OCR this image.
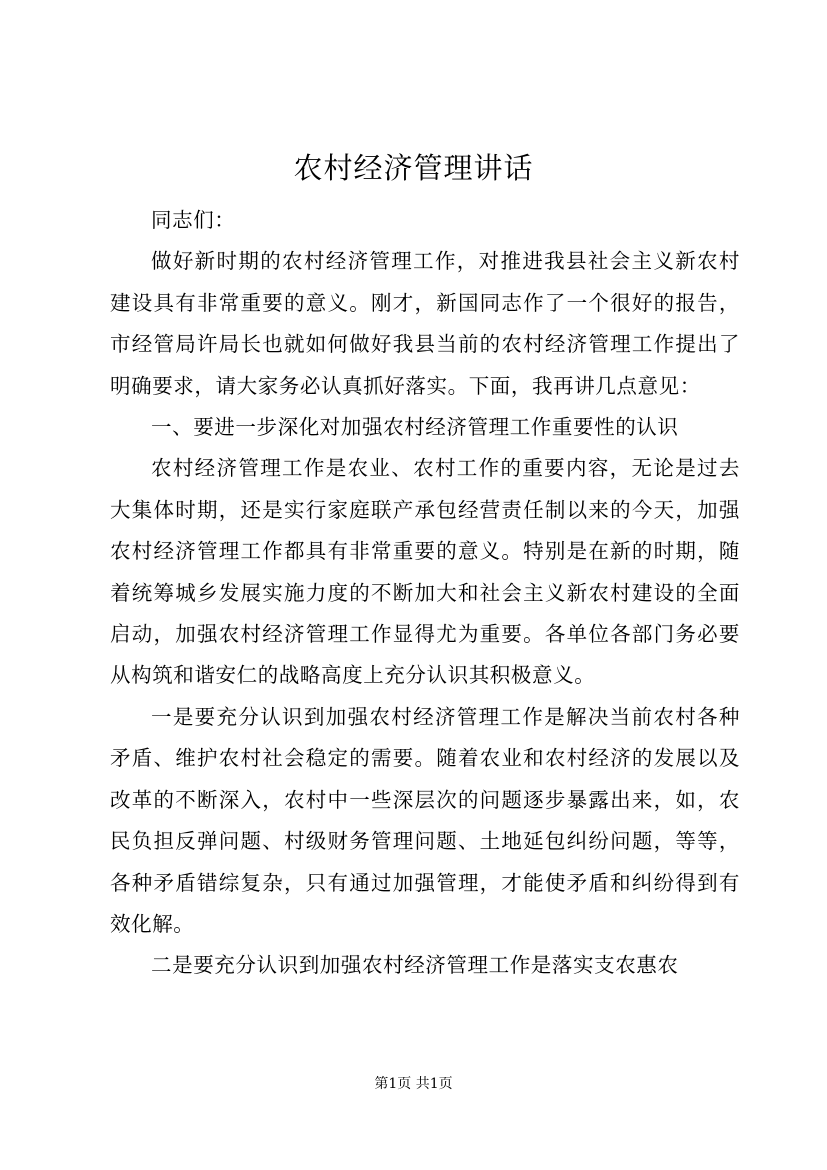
农村经济管理讲话

同志们：

做好新时期的农村经济管理工作，对推进我县社会主义新农村建设具有非常重要的意义。刚才，新国同志作了一个很好的报告，市经管局许局长也就如何做好我县当前的农村经济管理工作提出了明确要求，请大家务必认真抓好落实。下面，我再讲几点意见：

一、要进一步深化对加强农村经济管理工作重要性的认识

农村经济管理工作是农业、农村工作的重要内容，无论是过去大集体时期，还是实行家庭联产承包经营责任制以来的今天，加强农村经济管理工作都具有非常重要的意义。特别是在新的时期，随着统筹城乡发展实施力度的不断加大和社会主义新农村建设的全面启动，加强农村经济管理工作显得尤为重要。各单位各部门务必要从构筑和谐安仁的战略高度上充分认识其积极意义。

一是要充分认识到加强农村经济管理工作是解决当前农村各种矛盾、维护农村社会稳定的需要。随着农业和农村经济的发展以及改革的不断深入，农村中一些深层次的问题逐步暴露出来，如，农民负担反弹问题、村级财务管理问题、土地延包纠纷问题，等等，各种矛盾错综复杂，只有通过加强管理，才能使矛盾和纠纷得到有效化解。

二是要充分认识到加强农村经济管理工作是落实支农惠农

第1页 共1页
